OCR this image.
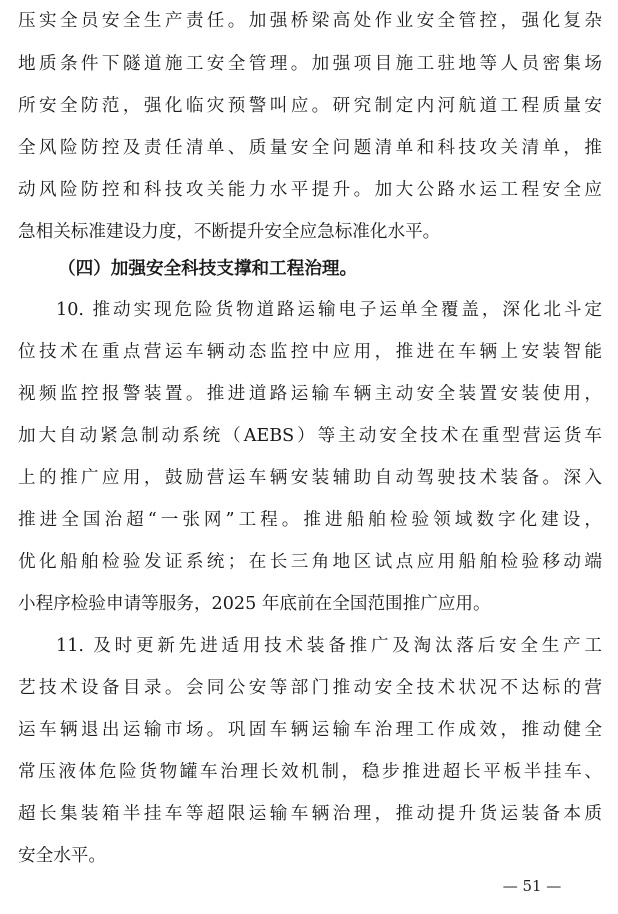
压实全员安全生产责任。加强桥梁高处作业安全管控，强化复杂
地质条件下隧道施工安全管理。加强项目施工驻地等人员密集场
所安全防范，强化临灾预警叫应。研究制定内河航道工程质量安
全风险防控及责任清单、质量安全问题清单和科技攻关清单，推
动风险防控和科技攻关能力水平提升。加大公路水运工程安全应
急相关标准建设力度，不断提升安全应急标准化水平。
（四）加强安全科技支撑和工程治理。
10. 推动实现危险货物道路运输电子运单全覆盖，深化北斗定
位技术在重点营运车辆动态监控中应用，推进在车辆上安装智能
视频监控报警装置。推进道路运输车辆主动安全装置安装使用，
加大自动紧急制动系统（AEBS）等主动安全技术在重型营运货车
上的推广应用，鼓励营运车辆安装辅助自动驾驶技术装备。深入
推进全国治超“一张网”工程。推进船舶检验领域数字化建设，
优化船舶检验发证系统；在长三角地区试点应用船舶检验移动端
小程序检验申请等服务，2025 年底前在全国范围推广应用。
11. 及时更新先进适用技术装备推广及淘汰落后安全生产工
艺技术设备目录。会同公安等部门推动安全技术状况不达标的营
运车辆退出运输市场。巩固车辆运输车治理工作成效，推动健全
常压液体危险货物罐车治理长效机制，稳步推进超长平板半挂车、
超长集装箱半挂车等超限运输车辆治理，推动提升货运装备本质
安全水平。
— 51 —
